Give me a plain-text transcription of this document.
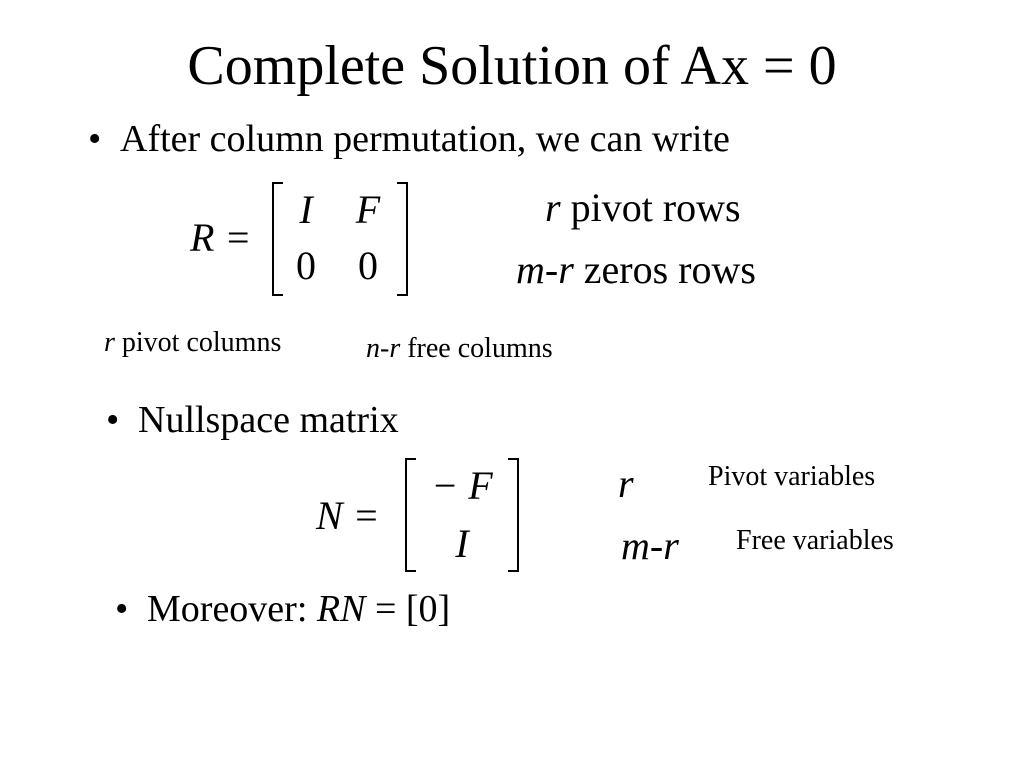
Complete Solution of Ax = 0
• After column permutation, we can write
R =
I	F
0 0
r pivot rows
m-r zeros rows
r pivot columns	n-r free columns
• Nullspace matrix
N =
− F
I
r
m-r
Pivot variables
Free variables
• Moreover: RN = [0]
